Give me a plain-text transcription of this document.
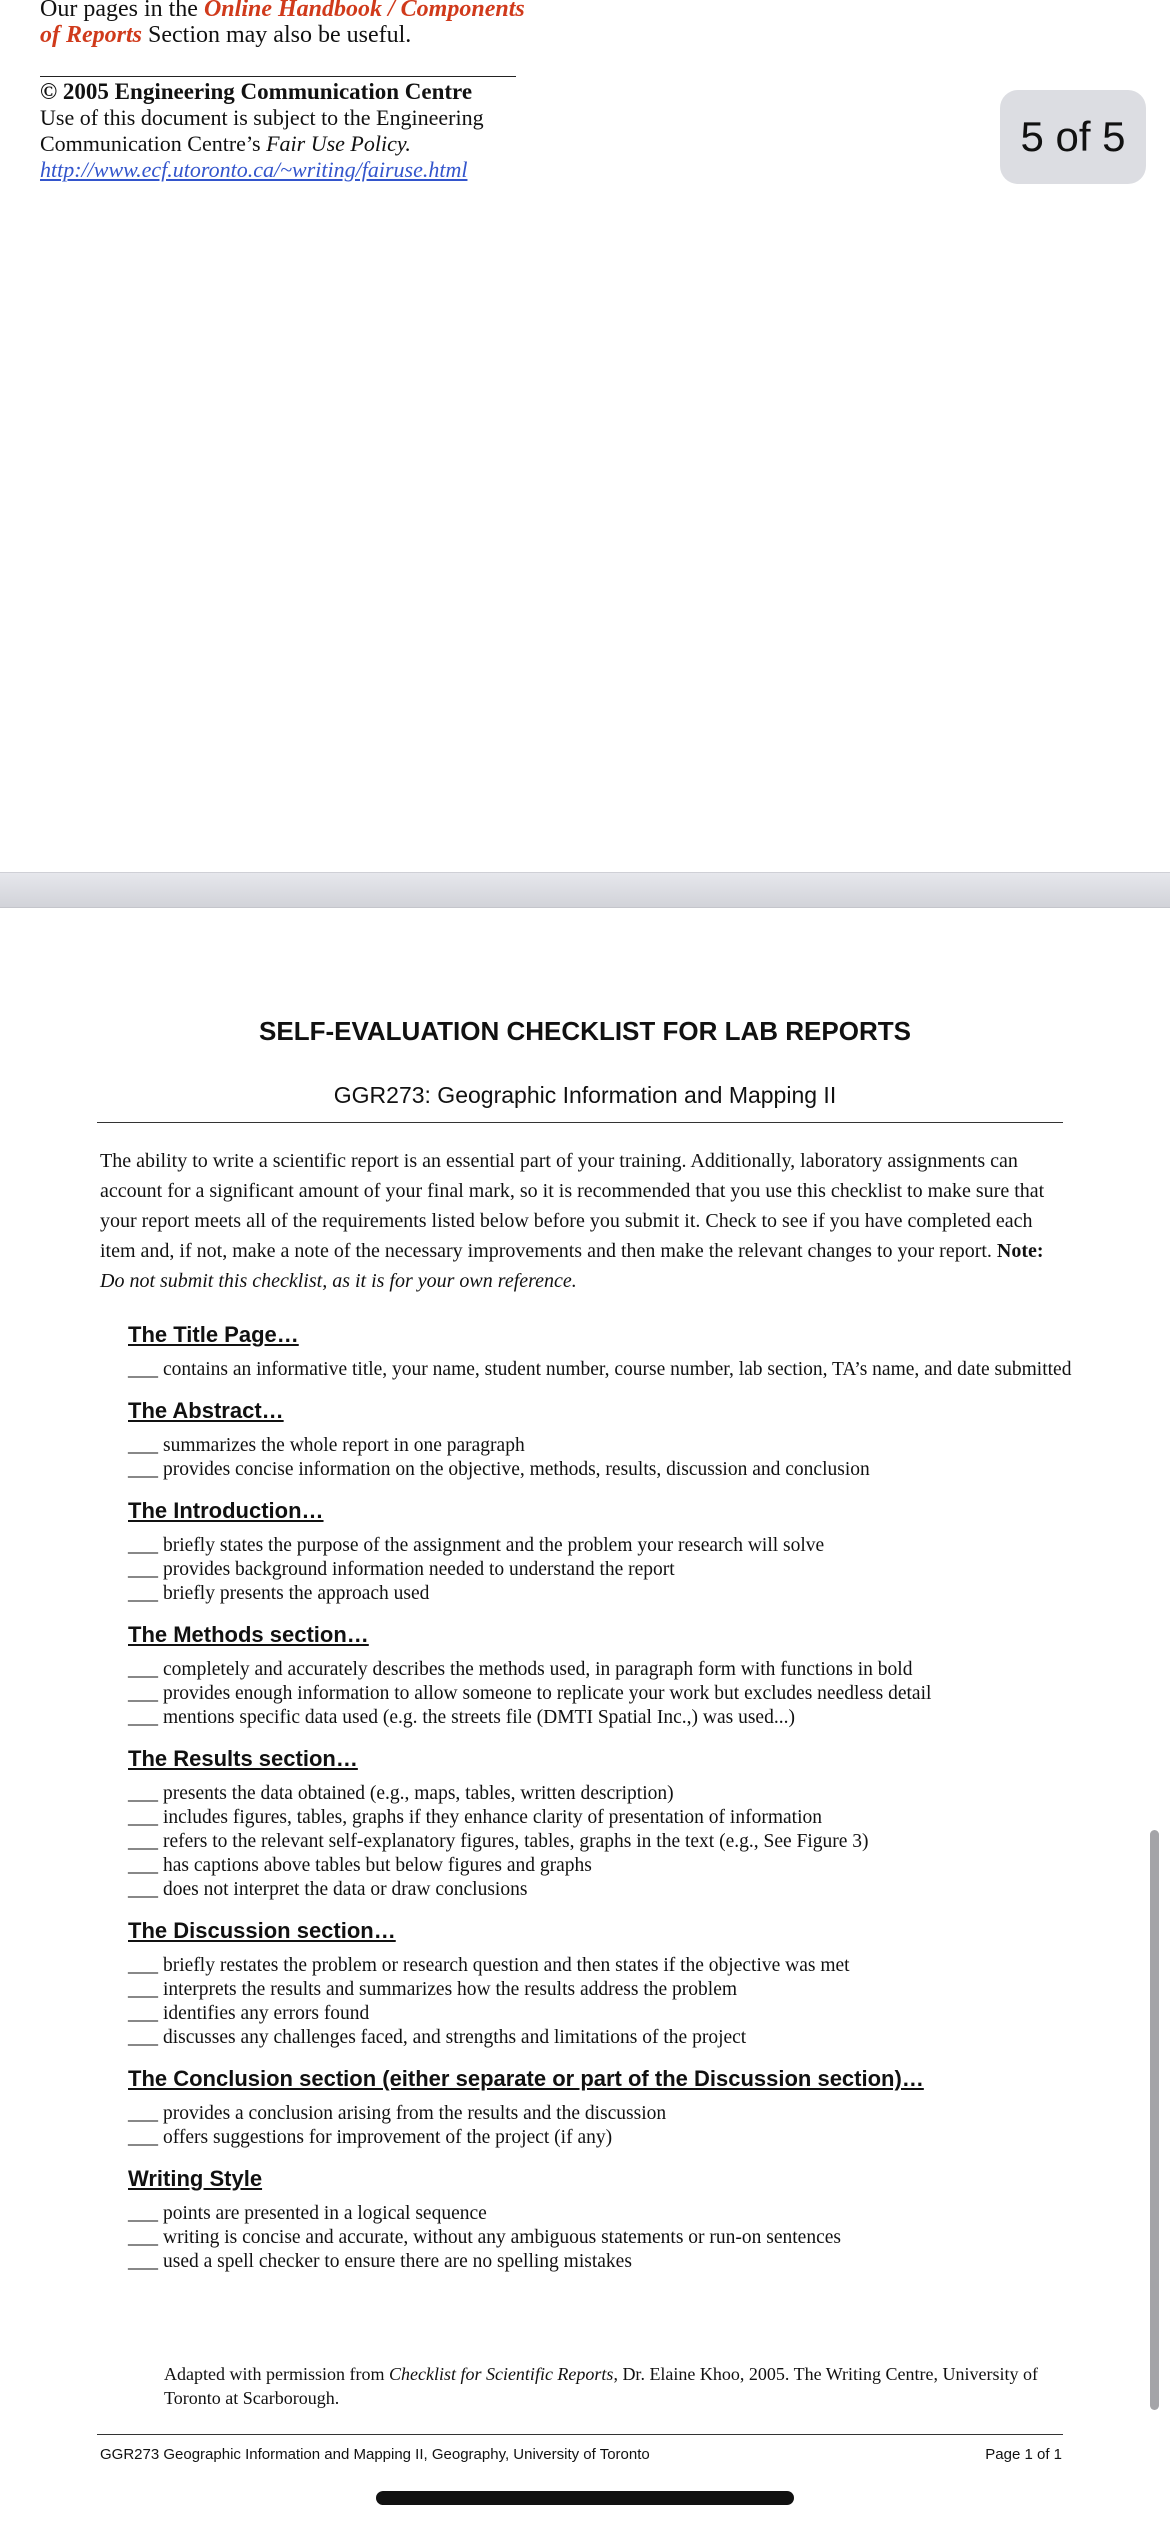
Our pages in the Online Handbook / Components
of Reports Section may also be useful.
© 2005 Engineering Communication Centre
Use of this document is subject to the Engineering
Communication Centre’s Fair Use Policy.
http://www.ecf.utoronto.ca/~writing/fairuse.html
5 of 5
SELF-EVALUATION CHECKLIST FOR LAB REPORTS
GGR273: Geographic Information and Mapping II
The ability to write a scientific report is an essential part of your training. Additionally, laboratory assignments can account for a significant amount of your final mark, so it is recommended that you use this checklist to make sure that your report meets all of the requirements listed below before you submit it. Check to see if you have completed each item and, if not, make a note of the necessary improvements and then make the relevant changes to your report. Note: Do not submit this checklist, as it is for your own reference.
The Title Page…
____contains an informative title, your name, student number, course number, lab section, TA’s name, and date submitted
The Abstract…
____summarizes the whole report in one paragraph
____provides concise information on the objective, methods, results, discussion and conclusion
The Introduction…
____briefly states the purpose of the assignment and the problem your research will solve
____provides background information needed to understand the report
____briefly presents the approach used
The Methods section…
____completely and accurately describes the methods used, in paragraph form with functions in bold
____provides enough information to allow someone to replicate your work but excludes needless detail
____mentions specific data used (e.g. the streets file (DMTI Spatial Inc.,) was used...)
The Results section…
____presents the data obtained (e.g., maps, tables, written description)
____includes figures, tables, graphs if they enhance clarity of presentation of information
____refers to the relevant self-explanatory figures, tables, graphs in the text (e.g., See Figure 3)
____has captions above tables but below figures and graphs
____does not interpret the data or draw conclusions
The Discussion section…
____briefly restates the problem or research question and then states if the objective was met
____interprets the results and summarizes how the results address the problem
____identifies any errors found
____discusses any challenges faced, and strengths and limitations of the project
The Conclusion section (either separate or part of the Discussion section)…
____provides a conclusion arising from the results and the discussion
____offers suggestions for improvement of the project (if any)
Writing Style
____points are presented in a logical sequence
____writing is concise and accurate, without any ambiguous statements or run-on sentences
____used a spell checker to ensure there are no spelling mistakes
Adapted with permission from Checklist for Scientific Reports, Dr. Elaine Khoo, 2005. The Writing Centre, University of Toronto at Scarborough.
GGR273 Geographic Information and Mapping II, Geography, University of Toronto	Page 1 of 1
